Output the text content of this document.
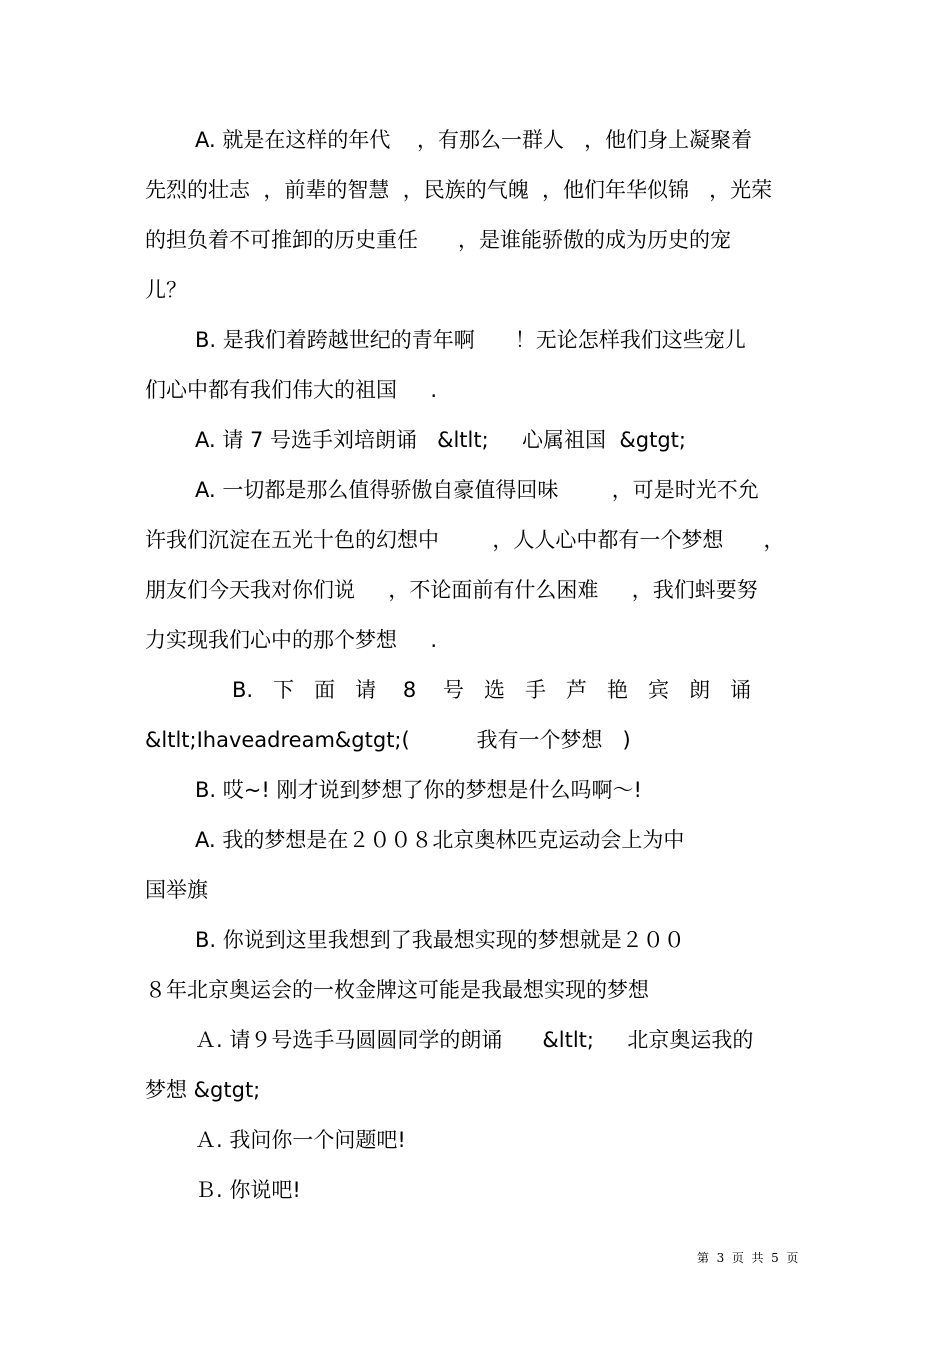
A. 就是在这样的年代    ，有那么一群人   ，他们身上凝聚着
先烈的壮志  ，前辈的智慧  ，民族的气魄  ，他们年华似锦   ，光荣
的担负着不可推卸的历史重任      ，是谁能骄傲的成为历史的宠
儿？
B. 是我们着跨越世纪的青年啊      ！无论怎样我们这些宠儿
们心中都有我们伟大的祖国     .
A. 请 7 号选手刘培朗诵   &ltlt;     心属祖国  &gtgt;
A. 一切都是那么值得骄傲自豪值得回味        ，可是时光不允
许我们沉淀在五光十色的幻想中        ，人人心中都有一个梦想      ，
朋友们今天我对你们说     ，不论面前有什么困难     ，我们蚪要努
力实现我们心中的那个梦想     .
B.   下   面   请    8    号   选   手   芦   艳   宾   朗   诵
&ltlt;Ihaveadream&gtgt;(          我有一个梦想   )
B. 哎~! 刚才说到梦想了你的梦想是什么吗啊～!
A. 我的梦想是在２００８北京奥林匹克运动会上为中
国举旗
B. 你说到这里我想到了我最想实现的梦想就是２００
８年北京奥运会的一枚金牌这可能是我最想实现的梦想
Ａ. 请９号选手马圆圆同学的朗诵      &ltlt;     北京奥运我的
梦想 &gtgt;
Ａ. 我问你一个问题吧!
Ｂ. 你说吧!
第  3  页  共  5  页
